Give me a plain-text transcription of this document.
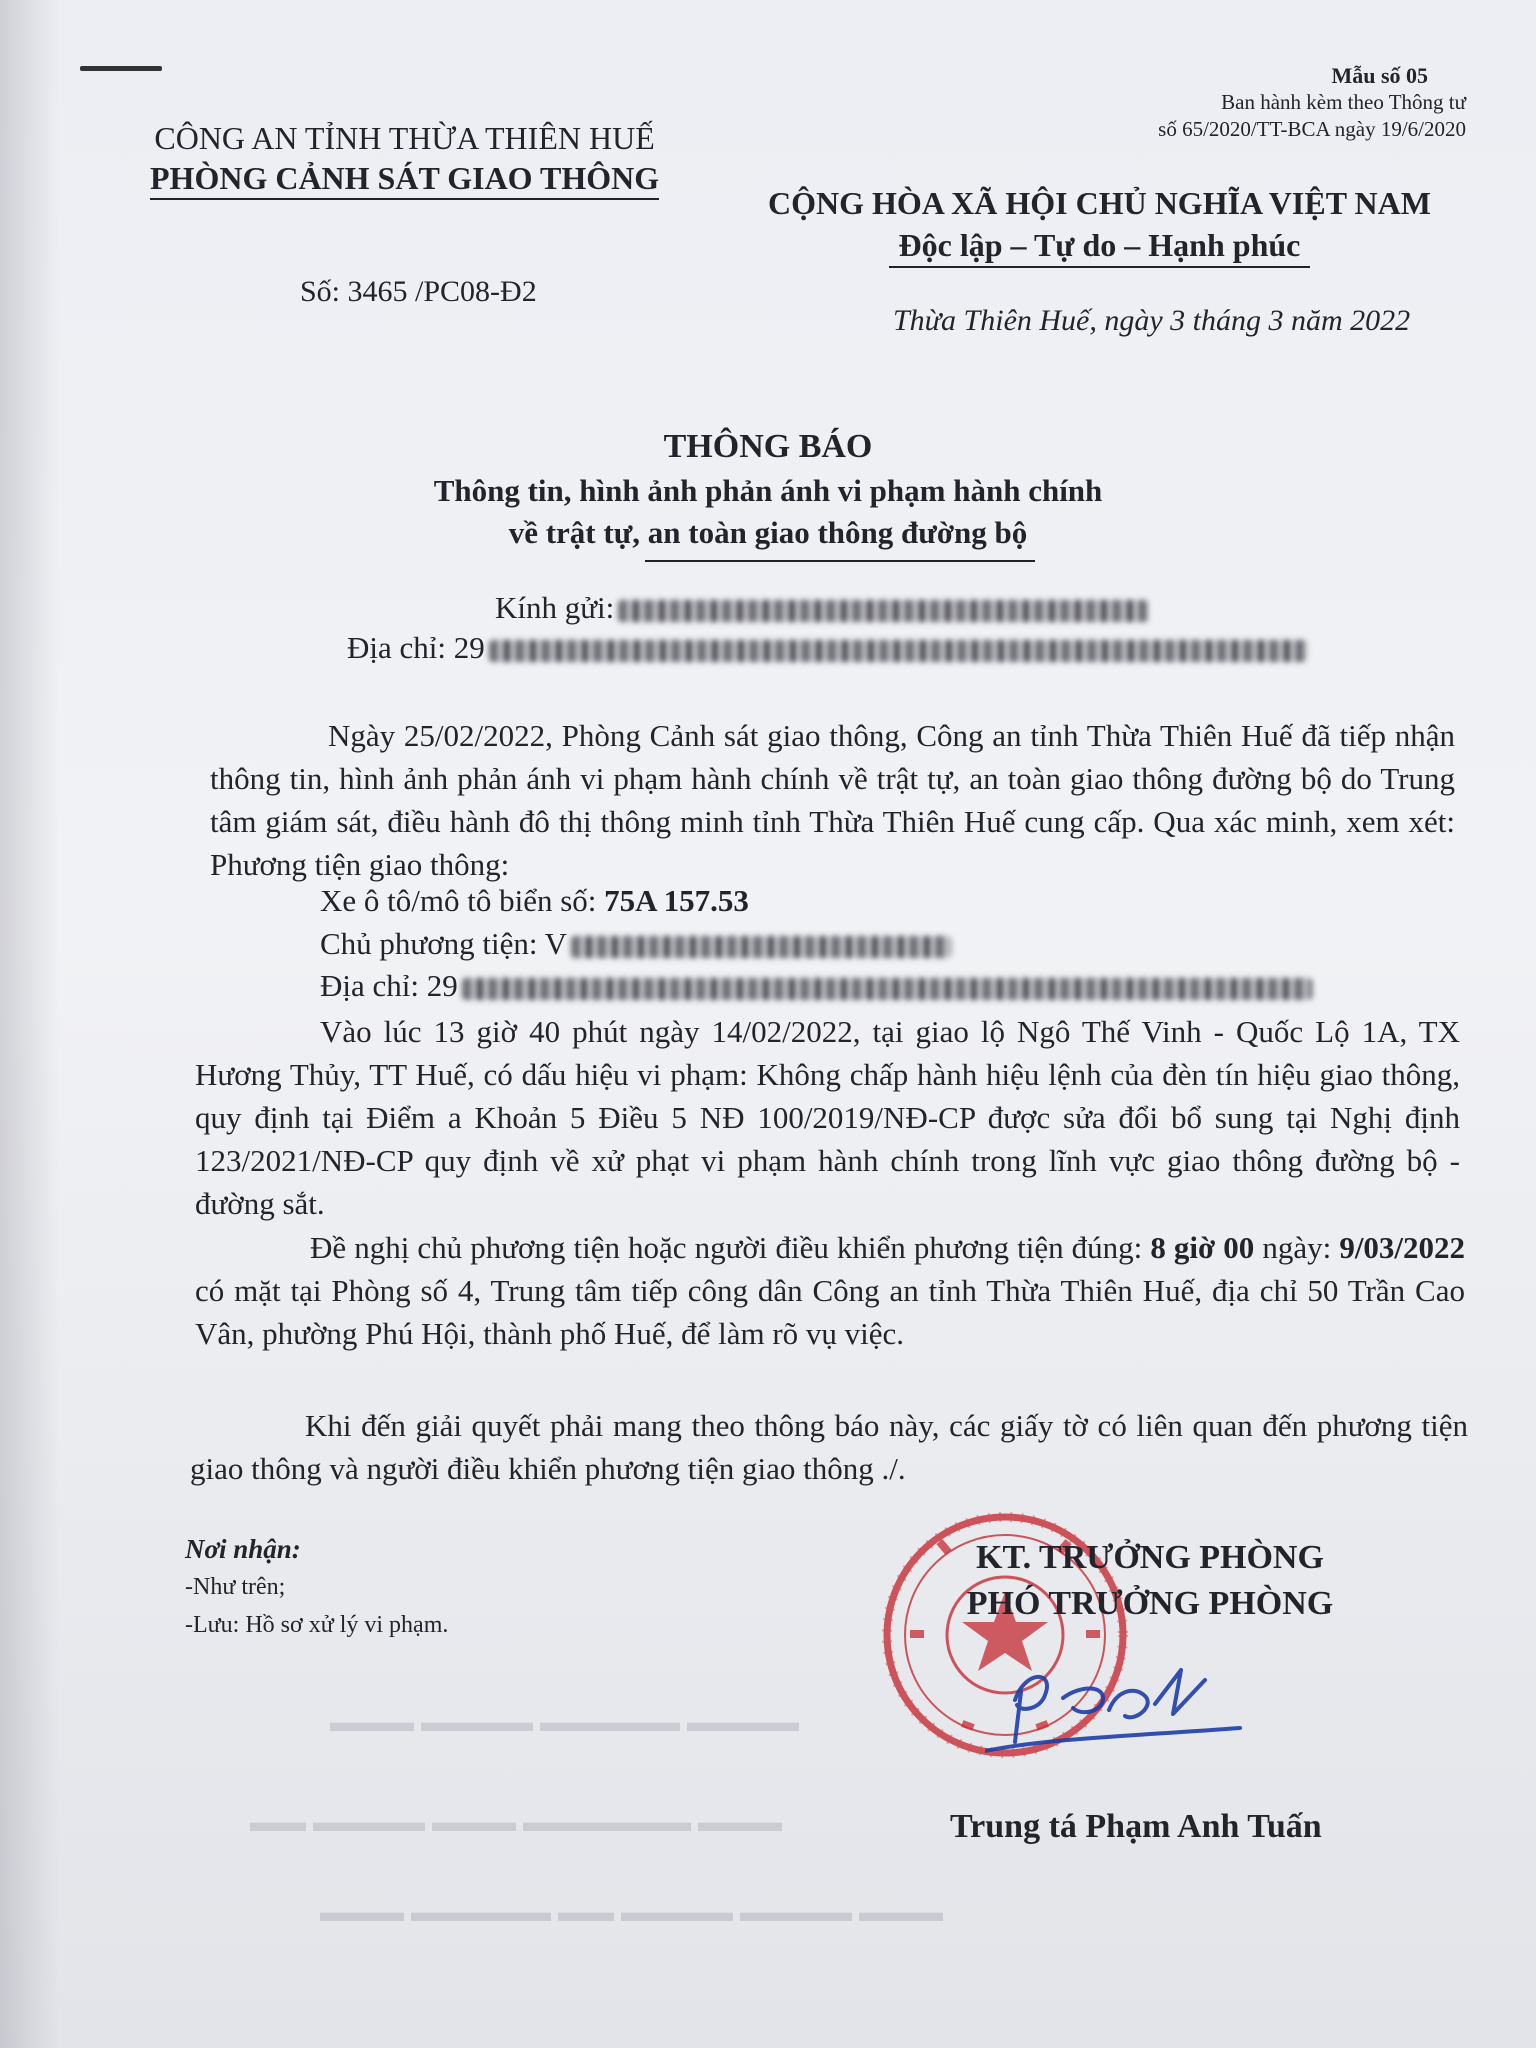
▬▬▬ ▬▬▬▬ ▬▬▬▬▬ ▬▬▬▬
▬▬ ▬▬▬▬ ▬▬▬ ▬▬▬▬▬▬ ▬▬▬
▬▬▬ ▬▬▬▬▬ ▬▬ ▬▬▬▬ ▬▬▬▬ ▬▬▬
Mẫu số 05
Ban hành kèm theo Thông tư
số 65/2020/TT-BCA ngày 19/6/2020
CÔNG AN TỈNH THỪA THIÊN HUẾ
PHÒNG CẢNH SÁT GIAO THÔNG
Số: 3465 /PC08-Đ2
CỘNG HÒA XÃ HỘI CHỦ NGHĨA VIỆT NAM
Độc lập – Tự do – Hạnh phúc
Thừa Thiên Huế, ngày 3 tháng 3 năm 2022
THÔNG BÁO
Thông tin, hình ảnh phản ánh vi phạm hành chính
về trật tự, an toàn giao thông đường bộ
Kính gửi:
Địa chỉ: 29

Ngày 25/02/2022, Phòng Cảnh sát giao thông, Công an tỉnh Thừa Thiên Huế đã tiếp nhận thông tin, hình ảnh phản ánh vi phạm hành chính về trật tự, an toàn giao thông đường bộ do Trung tâm giám sát, điều hành đô thị thông minh tỉnh Thừa Thiên Huế cung cấp. Qua xác minh, xem xét: Phương tiện giao thông:

Xe ô tô/mô tô biển số: 75A 157.53
Chủ phương tiện: V
Địa chỉ: 29

Vào lúc 13 giờ 40 phút ngày 14/02/2022, tại giao lộ Ngô Thế Vinh - Quốc Lộ 1A, TX Hương Thủy, TT Huế, có dấu hiệu vi phạm: Không chấp hành hiệu lệnh của đèn tín hiệu giao thông, quy định tại Điểm a Khoản 5 Điều 5 NĐ 100/2019/NĐ-CP được sửa đổi bổ sung tại Nghị định 123/2021/NĐ-CP quy định về xử phạt vi phạm hành chính trong lĩnh vực giao thông đường bộ - đường sắt.

Đề nghị chủ phương tiện hoặc người điều khiển phương tiện đúng: 8 giờ 00 ngày: 9/03/2022 có mặt tại Phòng số 4, Trung tâm tiếp công dân Công an tỉnh Thừa Thiên Huế, địa chỉ 50 Trần Cao Vân, phường Phú Hội, thành phố Huế, để làm rõ vụ việc.

Khi đến giải quyết phải mang theo thông báo này, các giấy tờ có liên quan đến phương tiện giao thông và người điều khiển phương tiện giao thông ./.

Nơi nhận:
-Như trên;
-Lưu: Hồ sơ xử lý vi phạm.
KT. TRƯỞNG PHÒNG
PHÓ TRƯỞNG PHÒNG
Trung tá Phạm Anh Tuấn
